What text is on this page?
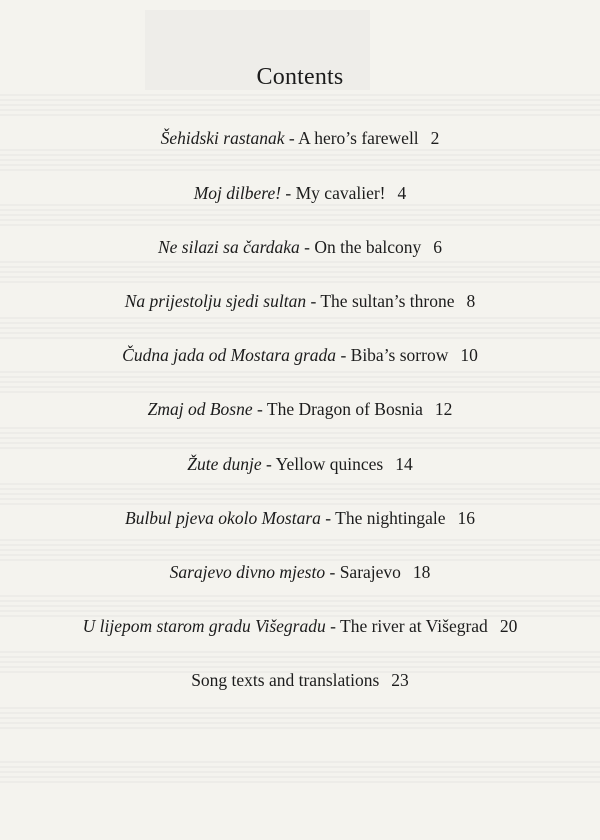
Contents
Šehidski rastanak - A hero’s farewell 2
Moj dilbere! - My cavalier! 4
Ne silazi sa čardaka - On the balcony 6
Na prijestolju sjedi sultan - The sultan’s throne 8
Čudna jada od Mostara grada - Biba’s sorrow 10
Zmaj od Bosne - The Dragon of Bosnia 12
Žute dunje - Yellow quinces 14
Bulbul pjeva okolo Mostara - The nightingale 16
Sarajevo divno mjesto - Sarajevo 18
U lijepom starom gradu Višegradu - The river at Višegrad 20
Song texts and translations 23
